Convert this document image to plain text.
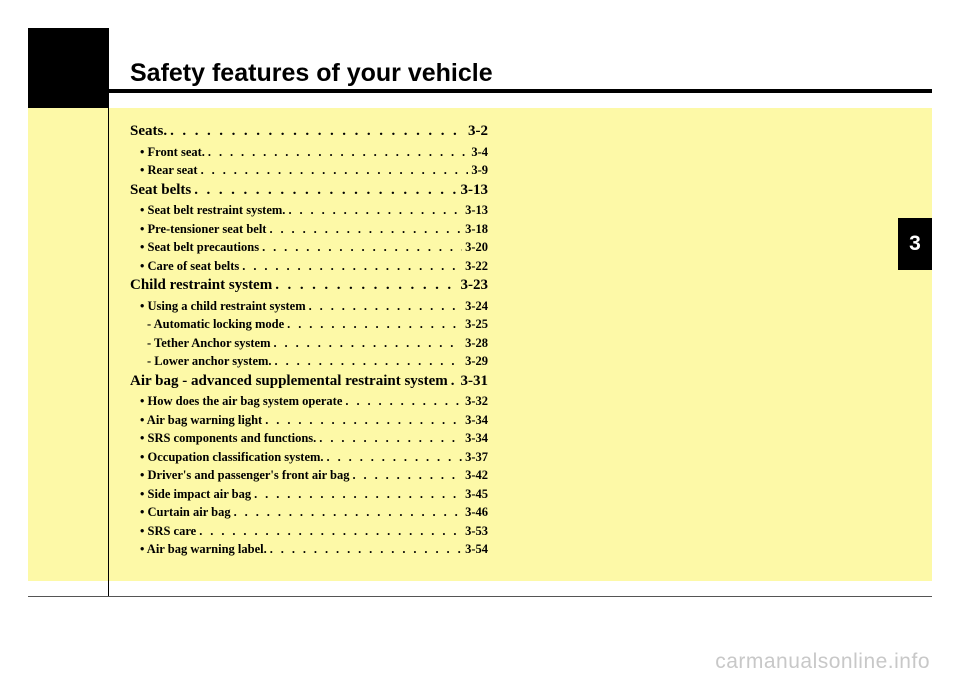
Safety features of your vehicle
3
Seats. . . .	3-2
• Front seat. . . .	3-4
• Rear seat . . .	3-9
Seat belts . . .	3-13
• Seat belt restraint system. . . .	3-13
• Pre-tensioner seat belt . . .	3-18
• Seat belt precautions . . .	3-20
• Care of seat belts . . .	3-22
Child restraint system . . .	3-23
• Using a child restraint system . . .	3-24
- Automatic locking mode . . .	3-25
- Tether Anchor system . . .	3-28
- Lower anchor system. . . .	3-29
Air bag - advanced supplemental restraint system . . . 3-31
• How does the air bag system operate . . .	3-32
• Air bag warning light . . .	3-34
• SRS components and functions. . . .	3-34
• Occupation classification system. . . .	3-37
• Driver's and passenger's front air bag . . .	3-42
• Side impact air bag . . .	3-45
• Curtain air bag . . .	3-46
• SRS care . . .	3-53
• Air bag warning label. . . .	3-54
carmanualsonline.info
